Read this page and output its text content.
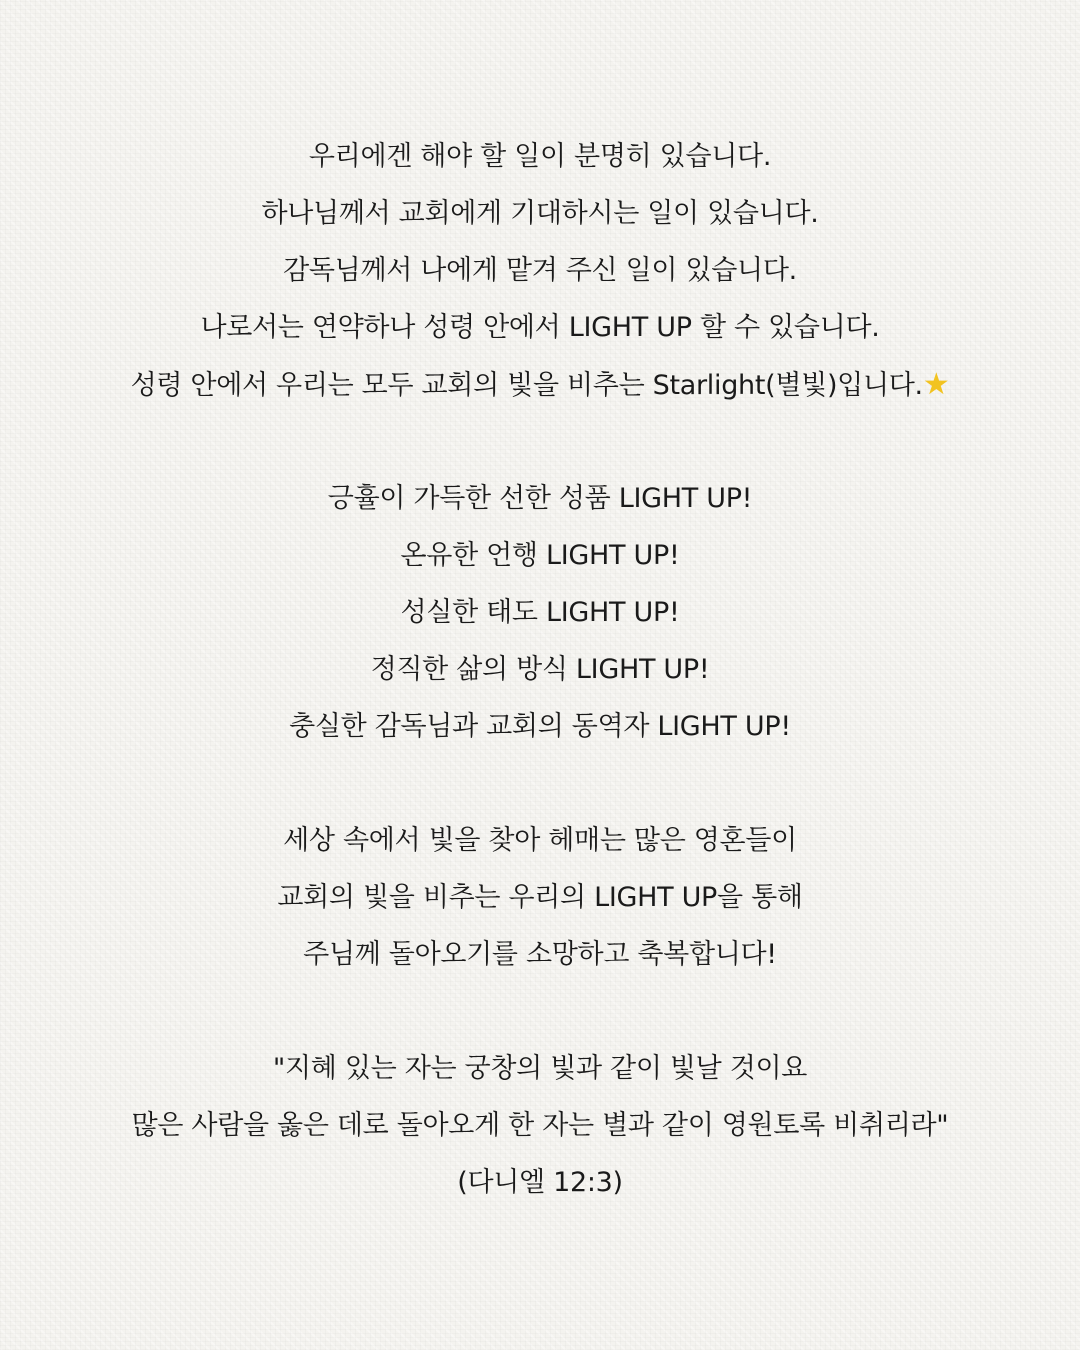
우리에겐 해야 할 일이 분명히 있습니다.
하나님께서 교회에게 기대하시는 일이 있습니다.
감독님께서 나에게 맡겨 주신 일이 있습니다.
나로서는 연약하나 성령 안에서 LIGHT UP 할 수 있습니다.
성령 안에서 우리는 모두 교회의 빛을 비추는 Starlight(별빛)입니다.★
긍휼이 가득한 선한 성품 LIGHT UP!
온유한 언행 LIGHT UP!
성실한 태도 LIGHT UP!
정직한 삶의 방식 LIGHT UP!
충실한 감독님과 교회의 동역자 LIGHT UP!
세상 속에서 빛을 찾아 헤매는 많은 영혼들이
교회의 빛을 비추는 우리의 LIGHT UP을 통해
주님께 돌아오기를 소망하고 축복합니다!
"지혜 있는 자는 궁창의 빛과 같이 빛날 것이요
많은 사람을 옳은 데로 돌아오게 한 자는 별과 같이 영원토록 비취리라"
(다니엘 12:3)
